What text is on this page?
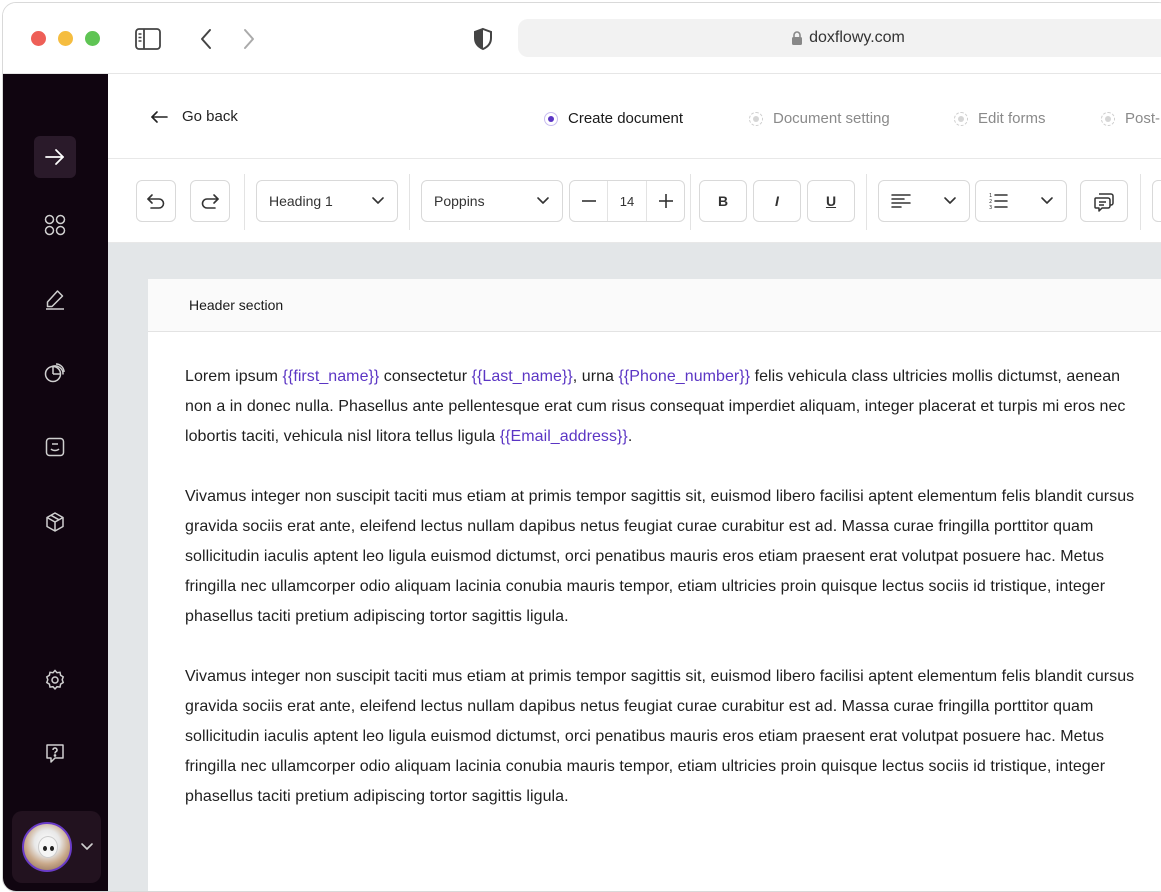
doxflowy.com
Go back	Create document	Document setting	Edit forms	Post-
Heading 1	Poppins	14	B	I	U	1
2
3
Header section

Lorem ipsum {{first_name}} consectetur {{Last_name}}, urna {{Phone_number}} felis vehicula class ultricies mollis dictumst, aenean non a in donec nulla. Phasellus ante pellentesque erat cum risus consequat imperdiet aliquam, integer placerat et turpis mi eros nec lobortis taciti, vehicula nisl litora tellus ligula {{Email_address}}.

Vivamus integer non suscipit taciti mus etiam at primis tempor sagittis sit, euismod libero facilisi aptent elementum felis blandit cursus gravida sociis erat ante, eleifend lectus nullam dapibus netus feugiat curae curabitur est ad. Massa curae fringilla porttitor quam sollicitudin iaculis aptent leo ligula euismod dictumst, orci penatibus mauris eros etiam praesent erat volutpat posuere hac. Metus fringilla nec ullamcorper odio aliquam lacinia conubia mauris tempor, etiam ultricies proin quisque lectus sociis id tristique, integer phasellus taciti pretium adipiscing tortor sagittis ligula.

Vivamus integer non suscipit taciti mus etiam at primis tempor sagittis sit, euismod libero facilisi aptent elementum felis blandit cursus gravida sociis erat ante, eleifend lectus nullam dapibus netus feugiat curae curabitur est ad. Massa curae fringilla porttitor quam sollicitudin iaculis aptent leo ligula euismod dictumst, orci penatibus mauris eros etiam praesent erat volutpat posuere hac. Metus fringilla nec ullamcorper odio aliquam lacinia conubia mauris tempor, etiam ultricies proin quisque lectus sociis id tristique, integer phasellus taciti pretium adipiscing tortor sagittis ligula.
